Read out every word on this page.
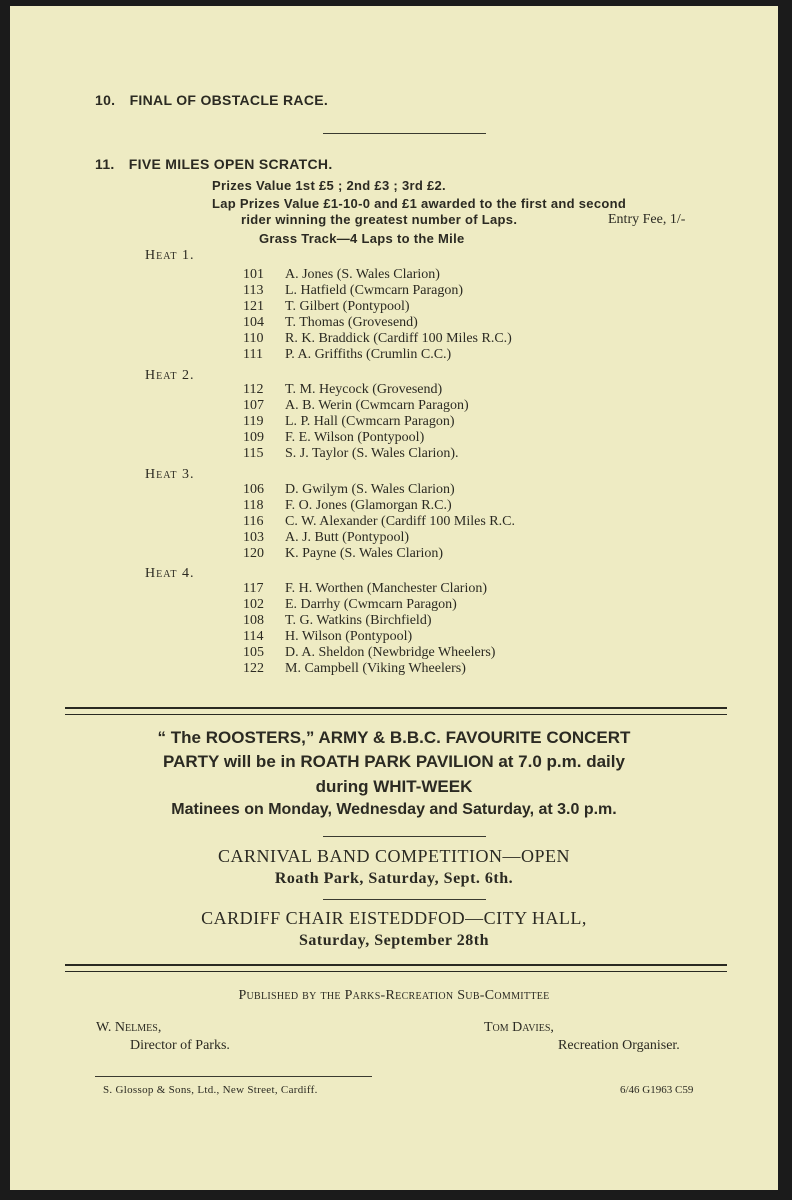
10. FINAL OF OBSTACLE RACE.
11. FIVE MILES OPEN SCRATCH.
Prizes Value 1st £5 ; 2nd £3 ; 3rd £2.
Lap Prizes Value £1-10-0 and £1 awarded to the first and second
rider winning the greatest number of Laps.	Entry Fee, 1/-
Grass Track—4 Laps to the Mile
Heat 1.
101 A. Jones (S. Wales Clarion)
113 L. Hatfield (Cwmcarn Paragon)
121 T. Gilbert (Pontypool)
104 T. Thomas (Grovesend)
110 R. K. Braddick (Cardiff 100 Miles R.C.)
111 P. A. Griffiths (Crumlin C.C.)
Heat 2.
112 T. M. Heycock (Grovesend)
107 A. B. Werin (Cwmcarn Paragon)
119 L. P. Hall (Cwmcarn Paragon)
109 F. E. Wilson (Pontypool)
115 S. J. Taylor (S. Wales Clarion).
Heat 3.
106 D. Gwilym (S. Wales Clarion)
118 F. O. Jones (Glamorgan R.C.)
116 C. W. Alexander (Cardiff 100 Miles R.C.
103 A. J. Butt (Pontypool)
120 K. Payne (S. Wales Clarion)
Heat 4.
117 F. H. Worthen (Manchester Clarion)
102 E. Darrhy (Cwmcarn Paragon)
108 T. G. Watkins (Birchfield)
114 H. Wilson (Pontypool)
105 D. A. Sheldon (Newbridge Wheelers)
122 M. Campbell (Viking Wheelers)
“ The ROOSTERS,” ARMY & B.B.C. FAVOURITE CONCERT
PARTY will be in ROATH PARK PAVILION at 7.0 p.m. daily
during WHIT-WEEK
Matinees on Monday, Wednesday and Saturday, at 3.0 p.m.
CARNIVAL BAND COMPETITION—OPEN
Roath Park, Saturday, Sept. 6th.
CARDIFF CHAIR EISTEDDFOD—CITY HALL,
Saturday, September 28th
Published by the Parks-Recreation Sub-Committee
W. Nelmes,
Director of Parks.
Tom Davies,
Recreation Organiser.
S. Glossop & Sons, Ltd., New Street, Cardiff.	6/46 G1963 C59
